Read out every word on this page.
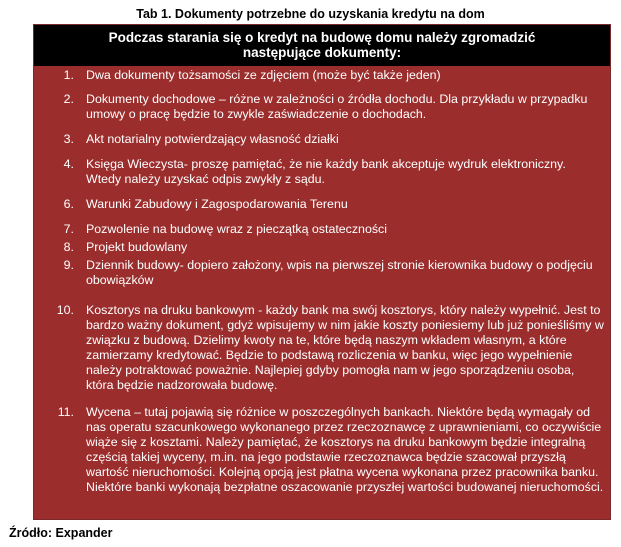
Tab 1. Dokumenty potrzebne do uzyskania kredytu na dom
Podczas starania się o kredyt na budowę domu należy zgromadzić następujące dokumenty:
1. Dwa dokumenty tożsamości ze zdjęciem (może być także jeden)
2. Dokumenty dochodowe – różne w zależności o źródła dochodu. Dla przykładu w przypadku umowy o pracę będzie to zwykle zaświadczenie o dochodach.
3. Akt notarialny potwierdzający własność działki
4. Księga Wieczysta- proszę pamiętać, że nie każdy bank akceptuje wydruk elektroniczny. Wtedy należy uzyskać odpis zwykły z sądu.
6. Warunki Zabudowy i Zagospodarowania Terenu
7. Pozwolenie na budowę wraz z pieczątką ostateczności
8. Projekt budowlany
9. Dziennik budowy- dopiero założony, wpis na pierwszej stronie kierownika budowy o podjęciu obowiązków
10. Kosztorys na druku bankowym - każdy bank ma swój kosztorys, który należy wypełnić. Jest to bardzo ważny dokument, gdyż wpisujemy w nim jakie koszty poniesiemy lub już ponieśliśmy w związku z budową. Dzielimy kwoty na te, które będą naszym wkładem własnym, a które zamierzamy kredytować. Będzie to podstawą rozliczenia w banku, więc jego wypełnienie należy potraktować poważnie. Najlepiej gdyby pomogła nam w jego sporządzeniu osoba, która będzie nadzorowała budowę.
11. Wycena – tutaj pojawią się różnice w poszczególnych bankach. Niektóre będą wymagały od nas operatu szacunkowego wykonanego przez rzeczoznawcę z uprawnieniami, co oczywiście wiąże się z kosztami. Należy pamiętać, że kosztorys na druku bankowym będzie integralną częścią takiej wyceny, m.in. na jego podstawie rzeczoznawca będzie szacował przyszłą wartość nieruchomości. Kolejną opcją jest płatna wycena wykonana przez pracownika banku. Niektóre banki wykonają bezpłatne oszacowanie przyszłej wartości budowanej nieruchomości.
Źródło: Expander
